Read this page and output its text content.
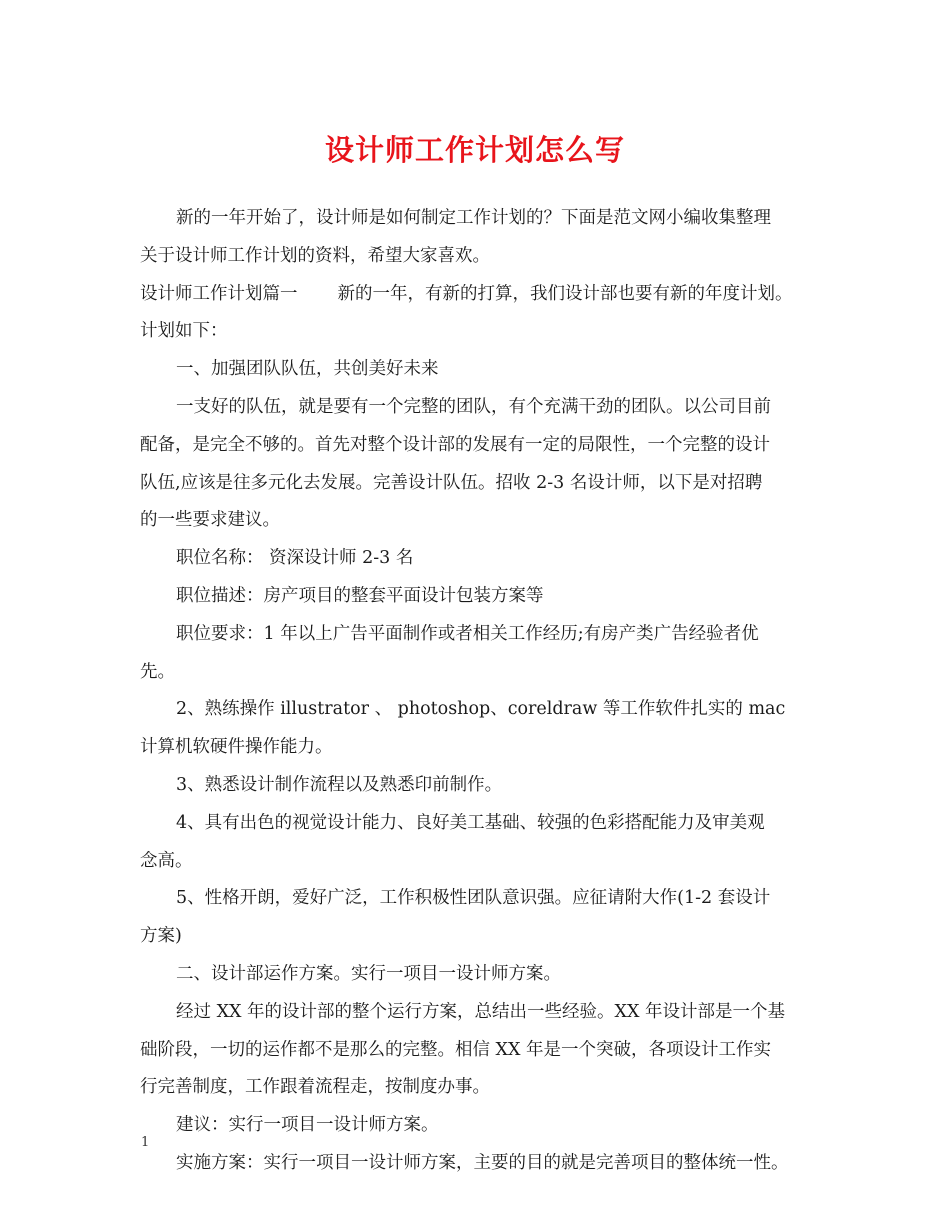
设计师工作计划怎么写
新的一年开始了，设计师是如何制定工作计划的？下面是范文网小编收集整理
关于设计师工作计划的资料，希望大家喜欢。
设计师工作计划篇一 新的一年，有新的打算，我们设计部也要有新的年度计划。
计划如下：
一、加强团队队伍，共创美好未来
一支好的队伍，就是要有一个完整的团队，有个充满干劲的团队。以公司目前
配备，是完全不够的。首先对整个设计部的发展有一定的局限性，一个完整的设计
队伍,应该是往多元化去发展。完善设计队伍。招收 2-3 名设计师，以下是对招聘
的一些要求建议。
职位名称： 资深设计师 2-3 名
职位描述：房产项目的整套平面设计包装方案等
职位要求：1 年以上广告平面制作或者相关工作经历;有房产类广告经验者优
先。
2、熟练操作 illustrator 、 photoshop、coreldraw 等工作软件扎实的 mac
计算机软硬件操作能力。
3、熟悉设计制作流程以及熟悉印前制作。
4、具有出色的视觉设计能力、良好美工基础、较强的色彩搭配能力及审美观
念高。
5、性格开朗，爱好广泛，工作积极性团队意识强。应征请附大作(1-2 套设计
方案)
二、设计部运作方案。实行一项目一设计师方案。
经过 XX 年的设计部的整个运行方案，总结出一些经验。XX 年设计部是一个基
础阶段，一切的运作都不是那么的完整。相信 XX 年是一个突破，各项设计工作实
行完善制度，工作跟着流程走，按制度办事。
建议：实行一项目一设计师方案。
实施方案：实行一项目一设计师方案，主要的目的就是完善项目的整体统一性。
1
